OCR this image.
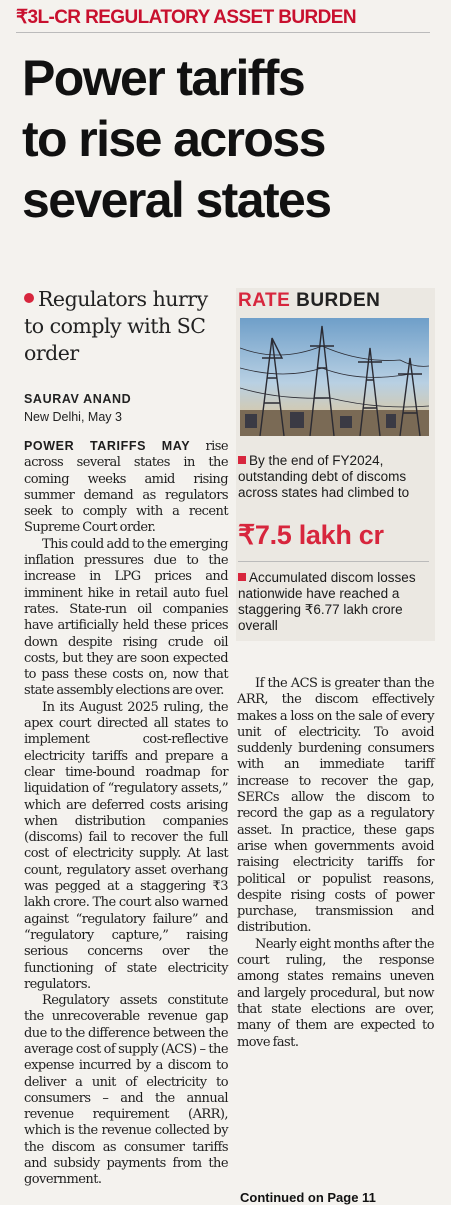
₹3L-CR REGULATORY ASSET BURDEN
Power tariffs
to rise across
several states
Regulators hurry to comply with SC order
SAURAV ANAND
New Delhi, May 3
RATE BURDEN
By the end of FY2024, outstanding debt of discoms across states had climbed to
₹7.5 lakh cr
Accumulated discom losses nationwide have reached a staggering ₹6.77 lakh crore overall

POWER TARIFFS MAY rise across several states in the coming weeks amid rising summer demand as regulators seek to comply with a recent Supreme Court order.

This could add to the emerging inflation pressures due to the increase in LPG prices and imminent hike in retail auto fuel rates. State-run oil companies have artificially held these prices down despite rising crude oil costs, but they are soon expected to pass these costs on, now that state assembly elections are over.

In its August 2025 ruling, the apex court directed all states to implement cost-reflective electricity tariffs and prepare a clear time-bound roadmap for liquidation of “regulatory assets,” which are deferred costs arising when distribution companies (discoms) fail to recover the full cost of electricity supply. At last count, regulatory asset overhang was pegged at a staggering ₹3 lakh crore. The court also warned against “regulatory failure” and “regulatory capture,” raising serious concerns over the functioning of state electricity regulators.

Regulatory assets constitute the unrecoverable revenue gap due to the difference between the average cost of supply (ACS) – the expense incurred by a discom to deliver a unit of electricity to consumers – and the annual revenue requirement (ARR), which is the revenue collected by the discom as consumer tariffs and subsidy payments from the government.

If the ACS is greater than the ARR, the discom effectively makes a loss on the sale of every unit of electricity. To avoid suddenly burdening consumers with an immediate tariff increase to recover the gap, SERCs allow the discom to record the gap as a regulatory asset. In practice, these gaps arise when governments avoid raising electricity tariffs for political or populist reasons, despite rising costs of power purchase, transmission and distribution.

Nearly eight months after the court ruling, the response among states remains uneven and largely procedural, but now that state elections are over, many of them are expected to move fast.

Continued on Page 11
